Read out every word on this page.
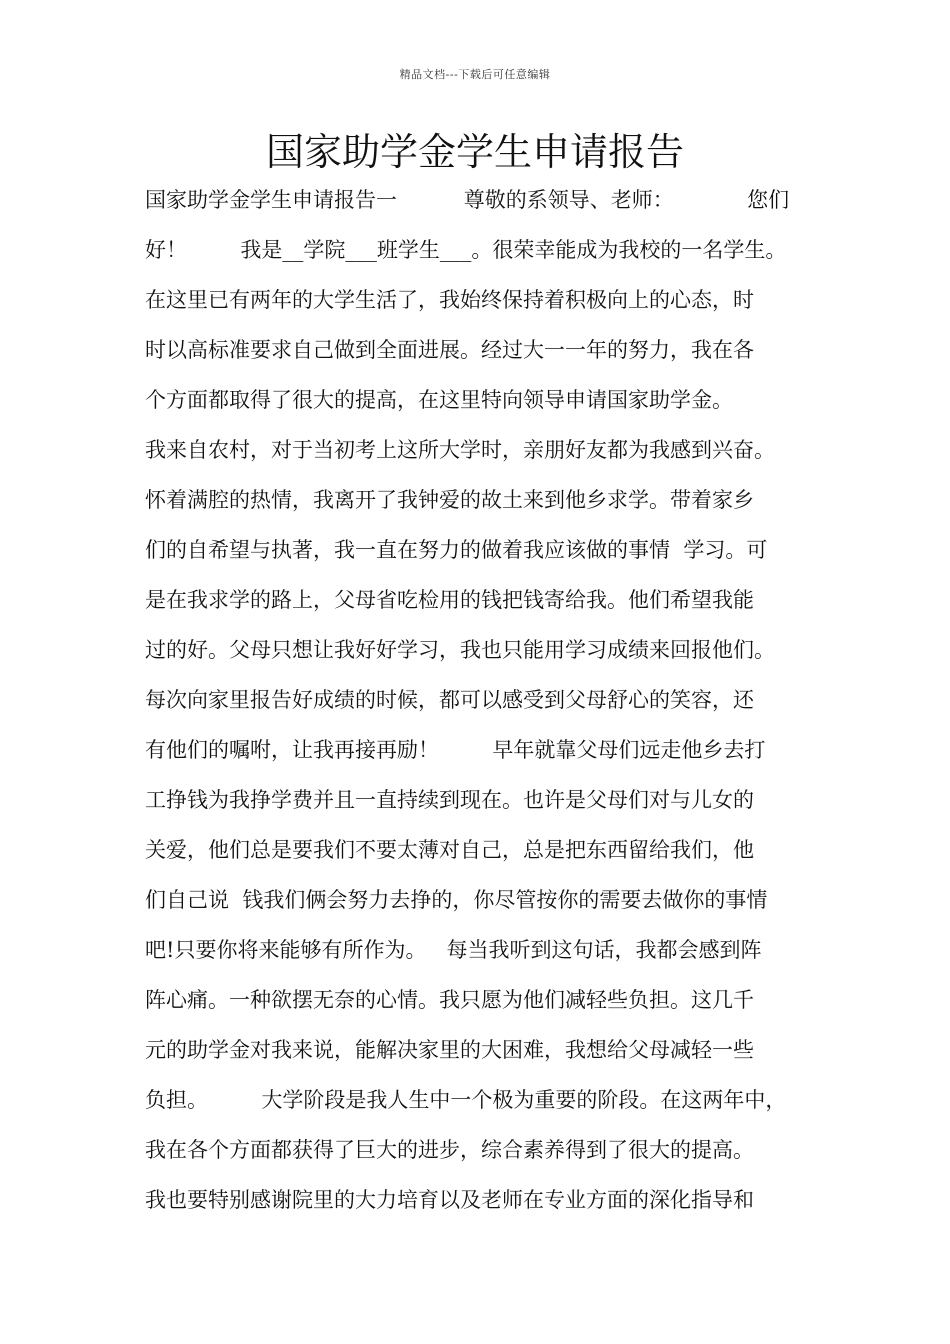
精品文档---下载后可任意编辑
国家助学金学生申请报告
国家助学金学生申请报告一          尊敬的系领导、老师：           您们
好！        我是__学院___班学生___。很荣幸能成为我校的一名学生。
在这里已有两年的大学生活了，我始终保持着积极向上的心态，时
时以高标准要求自己做到全面进展。经过大一一年的努力，我在各
个方面都取得了很大的提高，在这里特向领导申请国家助学金。
我来自农村，对于当初考上这所大学时，亲朋好友都为我感到兴奋。
怀着满腔的热情，我离开了我钟爱的故土来到他乡求学。带着家乡
们的自希望与执著，我一直在努力的做着我应该做的事情  学习。可
是在我求学的路上，父母省吃检用的钱把钱寄给我。他们希望我能
过的好。父母只想让我好好学习，我也只能用学习成绩来回报他们。
每次向家里报告好成绩的时候，都可以感受到父母舒心的笑容，还
有他们的嘱咐，让我再接再励！        早年就靠父母们远走他乡去打
工挣钱为我挣学费并且一直持续到现在。也许是父母们对与儿女的
关爱，他们总是要我们不要太薄对自己，总是把东西留给我们，他
们自己说  钱我们俩会努力去挣的，你尽管按你的需要去做你的事情
吧!只要你将来能够有所作为。   每当我听到这句话，我都会感到阵
阵心痛。一种欲摆无奈的心情。我只愿为他们减轻些负担。这几千
元的助学金对我来说，能解决家里的大困难，我想给父母减轻一些
负担。        大学阶段是我人生中一个极为重要的阶段。在这两年中，
我在各个方面都获得了巨大的进步，综合素养得到了很大的提高。
我也要特别感谢院里的大力培育以及老师在专业方面的深化指导和
